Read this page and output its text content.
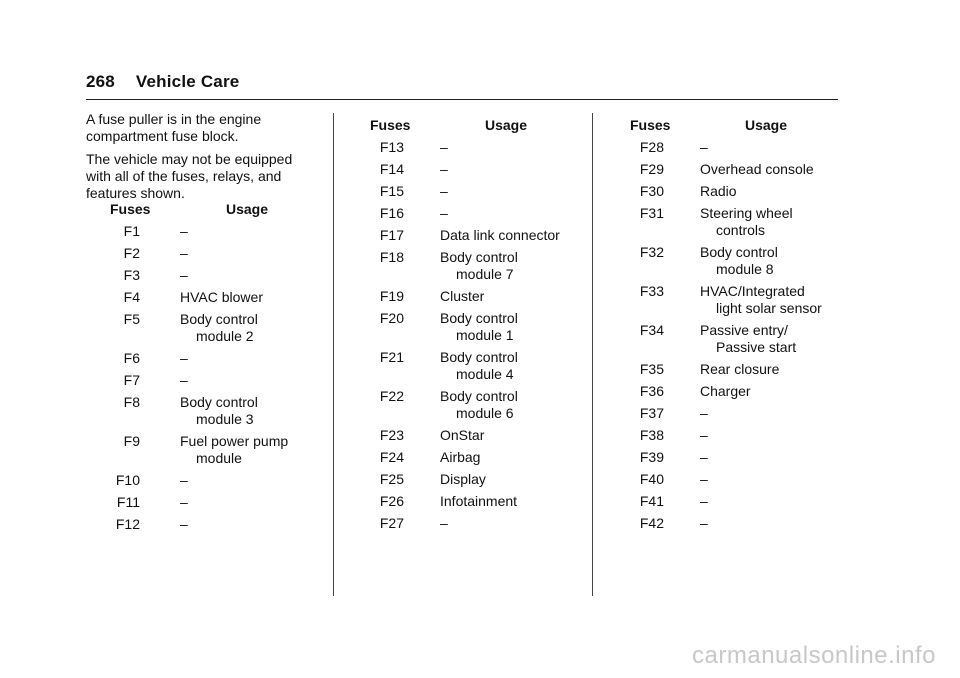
268 Vehicle Care

A fuse puller is in the engine compartment fuse block.

The vehicle may not be equipped with all of the fuses, relays, and features shown.

Fuses	Usage
F1	–
F2	–
F3	–
F4	HVAC blower
F5	Body control
module 2
F6	–
F7	–
F8	Body control
module 3
F9	Fuel power pump
module
F10	–
F11	–
F12	–
Fuses	Usage
F13	–
F14	–
F15	–
F16	–
F17	Data link connector
F18	Body control
module 7
F19	Cluster
F20	Body control
module 1
F21	Body control
module 4
F22	Body control
module 6
F23	OnStar
F24	Airbag
F25	Display
F26	Infotainment
F27	–
Fuses	Usage
F28	–
F29	Overhead console
F30	Radio
F31	Steering wheel
controls
F32	Body control
module 8
F33	HVAC/Integrated
light solar sensor
F34	Passive entry/
Passive start
F35	Rear closure
F36	Charger
F37	–
F38	–
F39	–
F40	–
F41	–
F42	–
carmanualsonline.info
